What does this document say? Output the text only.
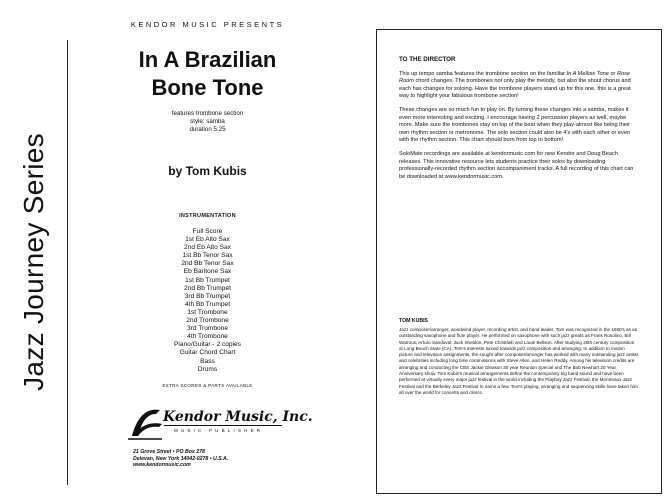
Jazz Journey Series
KENDOR MUSIC PRESENTS
In A Brazilian
Bone Tone
features trombone section
style: samba
duration 5:25
by Tom Kubis
INSTRUMENTATION
Full Score
1st Eb Alto Sax
2nd Eb Alto Sax
1st Bb Tenor Sax
2nd Bb Tenor Sax
Eb Baritone Sax
1st Bb Trumpet
2nd Bb Trumpet
3rd Bb Trumpet
4th Bb Trumpet
1st Trombone
2nd Trombone
3rd Trombone
4th Trombone
Piano/Guitar - 2 copies
Guitar Chord Chart
Bass
Drums
EXTRA SCORES & PARTS AVAILABLE
Kendor Music, Inc.
MUSIC PUBLISHER
21 Grove Street • PO Box 278
Delevan, New York 14042-0278 • U.S.A.
www.kendormusic.com
TO THE DIRECTOR

This up tempo samba features the trombone section on the familiar In A Mellow Tone or Rose Room chord changes. The trombones not only play the melody, but also the shout chorus and each has changes for soloing. Have the trombone players stand up for this one, this is a great way to highlight your fabulous trombone section!

These changes are so much fun to play on. By turning these changes into a samba, makes it even more interesting and exciting. I encourage having 2 percussion players as well, maybe more. Make sure the trombones stay on top of the beat when they play-almost like being their own rhythm section or metronome. The solo section could also be 4's with each other or even with the rhythm section. This chart should burn from top to bottom!

SoloMate recordings are available at kendormusic.com for new Kendor and Doug Beach releases. This innovative resource lets students practice their solos by downloading professionally-recorded rhythm section accompaniment tracks. A full recording of this chart can be downloaded at www.kendormusic.com.

TOM KUBIS
Jazz composer/arranger, woodwind player, recording artist, and band leader, Tom was recognized in the 1980's as an outstanding saxophone and flute player. He performed on saxophone with such jazz greats as Frank Rosolino, Bill Watrous, Arturo Sandoval, Jack Sheldon, Pete Christlieb and Louie Bellson. After studying 20th century composition at Long Beach State (CA), Tom's interests turned towards jazz composition and arranging. In addition to motion picture and television assignments, the sought after composer/arranger has worked with many outstanding jazz artists and celebrities including long time commissions with Steve Allen, and Helen Reddy. Among his television credits are arranging and conducting the CBS Jackie Gleason 30 year Reunion Special and The Bob Newhart 20 Year Anniversary show. Tom Kubis's musical arrangements define the contemporary big band sound and have been performed at virtually every major jazz festival in the world including the Playboy Jazz Festival, the Montreaux Jazz Festival and the Berkeley Jazz Festival to name a few. Tom's playing, arranging and sequencing skills have taken him all over the world for concerts and clinics.
